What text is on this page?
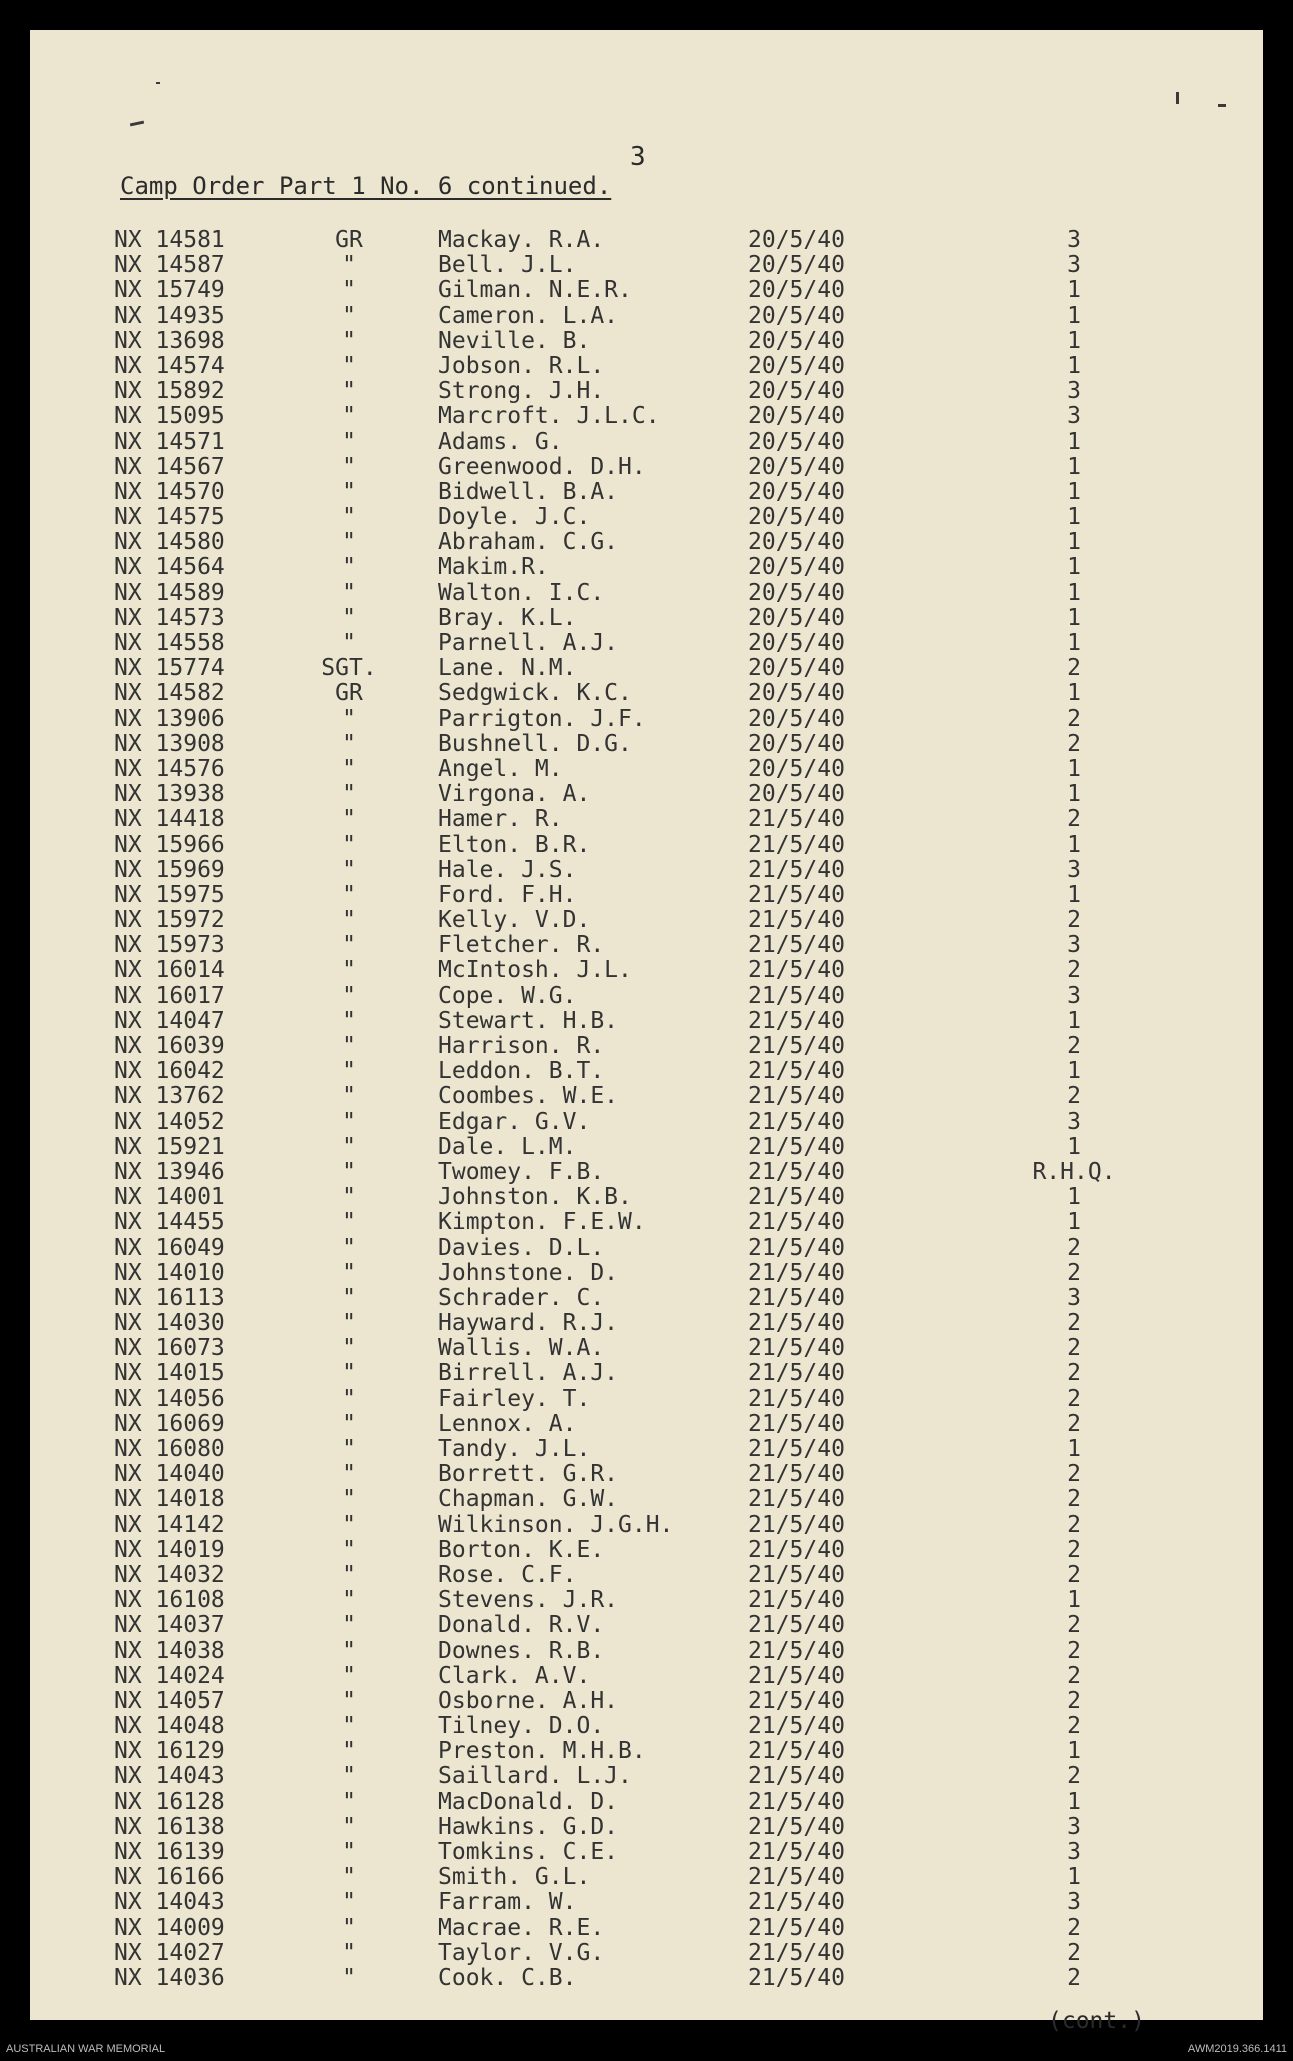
3
Camp Order Part 1 No. 6 continued.
NX 14581	GR	Mackay. R.A.	20/5/40	3
NX 14587	"	Bell. J.L.	20/5/40	3
NX 15749	"	Gilman. N.E.R.	20/5/40	1
NX 14935	"	Cameron. L.A.	20/5/40	1
NX 13698	"	Neville. B.	20/5/40	1
NX 14574	"	Jobson. R.L.	20/5/40	1
NX 15892	"	Strong. J.H.	20/5/40	3
NX 15095	"	Marcroft. J.L.C.	20/5/40	3
NX 14571	"	Adams. G.	20/5/40	1
NX 14567	"	Greenwood. D.H.	20/5/40	1
NX 14570	"	Bidwell. B.A.	20/5/40	1
NX 14575	"	Doyle. J.C.	20/5/40	1
NX 14580	"	Abraham. C.G.	20/5/40	1
NX 14564	"	Makim.R.	20/5/40	1
NX 14589	"	Walton. I.C.	20/5/40	1
NX 14573	"	Bray. K.L.	20/5/40	1
NX 14558	"	Parnell. A.J.	20/5/40	1
NX 15774	SGT.	Lane. N.M.	20/5/40	2
NX 14582	GR	Sedgwick. K.C.	20/5/40	1
NX 13906	"	Parrigton. J.F.	20/5/40	2
NX 13908	"	Bushnell. D.G.	20/5/40	2
NX 14576	"	Angel. M.	20/5/40	1
NX 13938	"	Virgona. A.	20/5/40	1
NX 14418	"	Hamer. R.	21/5/40	2
NX 15966	"	Elton. B.R.	21/5/40	1
NX 15969	"	Hale. J.S.	21/5/40	3
NX 15975	"	Ford. F.H.	21/5/40	1
NX 15972	"	Kelly. V.D.	21/5/40	2
NX 15973	"	Fletcher. R.	21/5/40	3
NX 16014	"	McIntosh. J.L.	21/5/40	2
NX 16017	"	Cope. W.G.	21/5/40	3
NX 14047	"	Stewart. H.B.	21/5/40	1
NX 16039	"	Harrison. R.	21/5/40	2
NX 16042	"	Leddon. B.T.	21/5/40	1
NX 13762	"	Coombes. W.E.	21/5/40	2
NX 14052	"	Edgar. G.V.	21/5/40	3
NX 15921	"	Dale. L.M.	21/5/40	1
NX 13946	"	Twomey. F.B.	21/5/40	R.H.Q.
NX 14001	"	Johnston. K.B.	21/5/40	1
NX 14455	"	Kimpton. F.E.W.	21/5/40	1
NX 16049	"	Davies. D.L.	21/5/40	2
NX 14010	"	Johnstone. D.	21/5/40	2
NX 16113	"	Schrader. C.	21/5/40	3
NX 14030	"	Hayward. R.J.	21/5/40	2
NX 16073	"	Wallis. W.A.	21/5/40	2
NX 14015	"	Birrell. A.J.	21/5/40	2
NX 14056	"	Fairley. T.	21/5/40	2
NX 16069	"	Lennox. A.	21/5/40	2
NX 16080	"	Tandy. J.L.	21/5/40	1
NX 14040	"	Borrett. G.R.	21/5/40	2
NX 14018	"	Chapman. G.W.	21/5/40	2
NX 14142	"	Wilkinson. J.G.H.	21/5/40	2
NX 14019	"	Borton. K.E.	21/5/40	2
NX 14032	"	Rose. C.F.	21/5/40	2
NX 16108	"	Stevens. J.R.	21/5/40	1
NX 14037	"	Donald. R.V.	21/5/40	2
NX 14038	"	Downes. R.B.	21/5/40	2
NX 14024	"	Clark. A.V.	21/5/40	2
NX 14057	"	Osborne. A.H.	21/5/40	2
NX 14048	"	Tilney. D.O.	21/5/40	2
NX 16129	"	Preston. M.H.B.	21/5/40	1
NX 14043	"	Saillard. L.J.	21/5/40	2
NX 16128	"	MacDonald. D.	21/5/40	1
NX 16138	"	Hawkins. G.D.	21/5/40	3
NX 16139	"	Tomkins. C.E.	21/5/40	3
NX 16166	"	Smith. G.L.	21/5/40	1
NX 14043	"	Farram. W.	21/5/40	3
NX 14009	"	Macrae. R.E.	21/5/40	2
NX 14027	"	Taylor. V.G.	21/5/40	2
NX 14036	"	Cook. C.B.	21/5/40	2
(cont.)
AUSTRALIAN WAR MEMORIAL	AWM2019.366.1411
